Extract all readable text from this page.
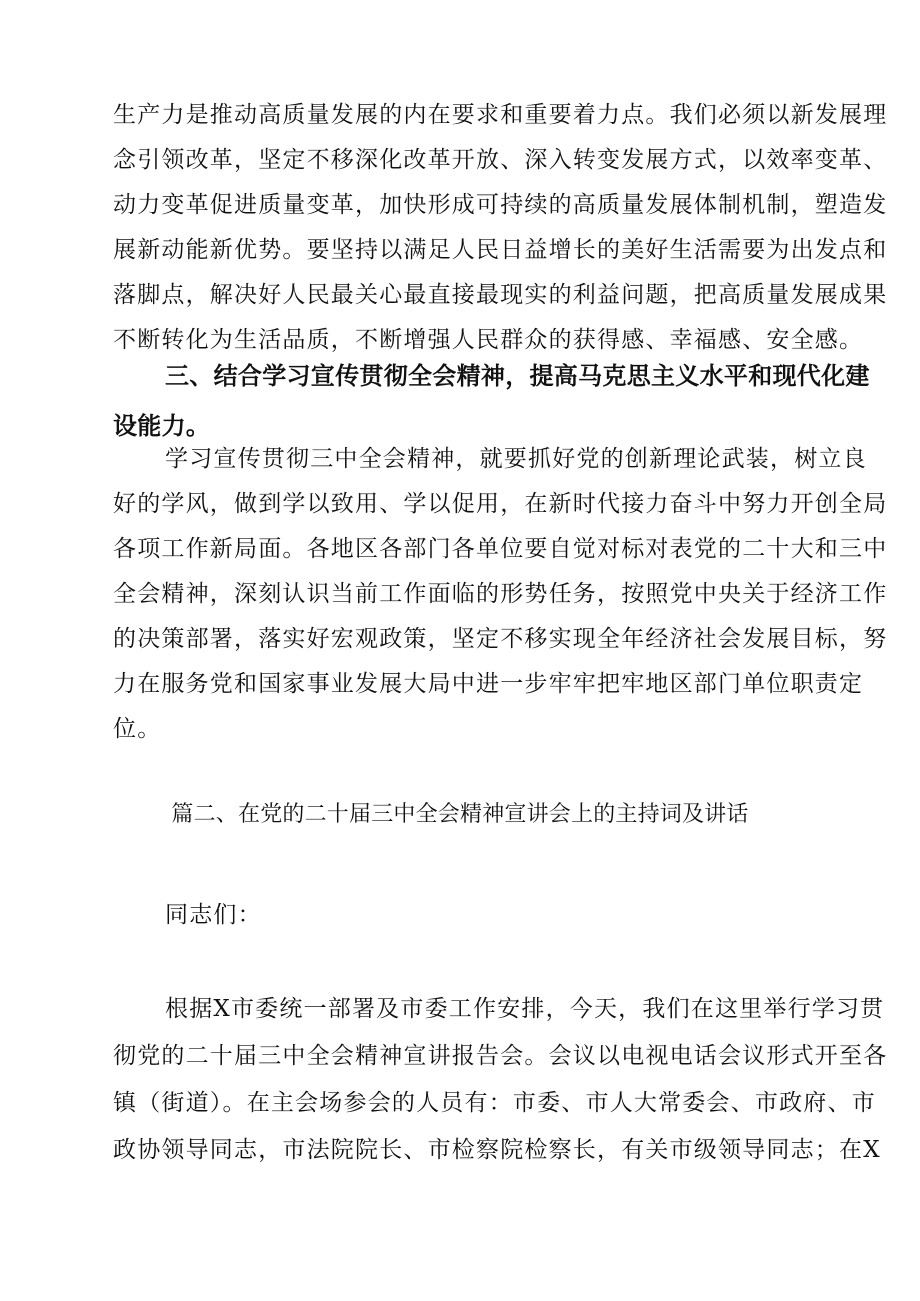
生产力是推动高质量发展的内在要求和重要着力点。我们必须以新发展理
念引领改革，坚定不移深化改革开放、深入转变发展方式，以效率变革、
动力变革促进质量变革，加快形成可持续的高质量发展体制机制，塑造发
展新动能新优势。要坚持以满足人民日益增长的美好生活需要为出发点和
落脚点，解决好人民最关心最直接最现实的利益问题，把高质量发展成果
不断转化为生活品质，不断增强人民群众的获得感、幸福感、安全感。
三、结合学习宣传贯彻全会精神，提高马克思主义水平和现代化建
设能力。
学习宣传贯彻三中全会精神，就要抓好党的创新理论武装，树立良
好的学风，做到学以致用、学以促用，在新时代接力奋斗中努力开创全局
各项工作新局面。各地区各部门各单位要自觉对标对表党的二十大和三中
全会精神，深刻认识当前工作面临的形势任务，按照党中央关于经济工作
的决策部署，落实好宏观政策，坚定不移实现全年经济社会发展目标，努
力在服务党和国家事业发展大局中进一步牢牢把牢地区部门单位职责定
位。
篇二、在党的二十届三中全会精神宣讲会上的主持词及讲话
同志们：
根据X市委统一部署及市委工作安排，今天，我们在这里举行学习贯
彻党的二十届三中全会精神宣讲报告会。会议以电视电话会议形式开至各
镇（街道）。在主会场参会的人员有：市委、市人大常委会、市政府、市
政协领导同志，市法院院长、市检察院检察长，有关市级领导同志；在X
